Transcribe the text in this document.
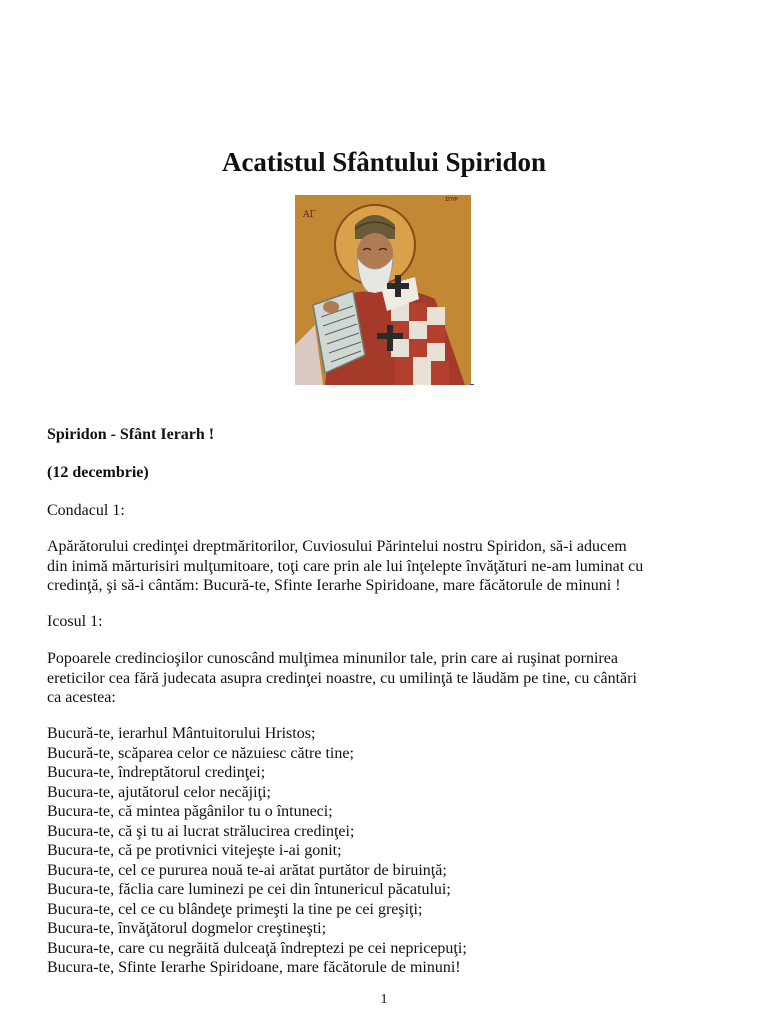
Acatistul Sfântului Spiridon
ΑΓ
ΣΠΥΡ
Spiridon - Sfânt Ierarh !
(12 decembrie)
Condacul 1:
Apărătorului credinţei dreptmăritorilor, Cuviosului Părintelui nostru Spiridon, să-i aducem
din inimă mărturisiri mulţumitoare, toţi care prin ale lui înţelepte învăţături ne-am luminat cu
credinţă, şi să-i cântăm: Bucură-te, Sfinte Ierarhe Spiridoane, mare făcătorule de minuni !
Icosul 1:
Popoarele credincioşilor cunoscând mulţimea minunilor tale, prin care ai ruşinat pornirea
ereticilor cea fără judecata asupra credinţei noastre, cu umilinţă te lăudăm pe tine, cu cântări
ca acestea:
Bucură-te, ierarhul Mântuitorului Hristos;
Bucură-te, scăparea celor ce năzuiesc către tine;
Bucura-te, îndreptătorul credinţei;
Bucura-te, ajutătorul celor necăjiţi;
Bucura-te, că mintea păgânilor tu o întuneci;
Bucura-te, că şi tu ai lucrat strălucirea credinţei;
Bucura-te, că pe protivnici vitejeşte i-ai gonit;
Bucura-te, cel ce pururea nouă te-ai arătat purtător de biruinţă;
Bucura-te, făclia care luminezi pe cei din întunericul păcatului;
Bucura-te, cel ce cu blândeţe primeşti la tine pe cei greşiţi;
Bucura-te, învăţătorul dogmelor creştineşti;
Bucura-te, care cu negrăită dulceaţă îndreptezi pe cei nepricepuţi;
Bucura-te, Sfinte Ierarhe Spiridoane, mare făcătorule de minuni!
1
